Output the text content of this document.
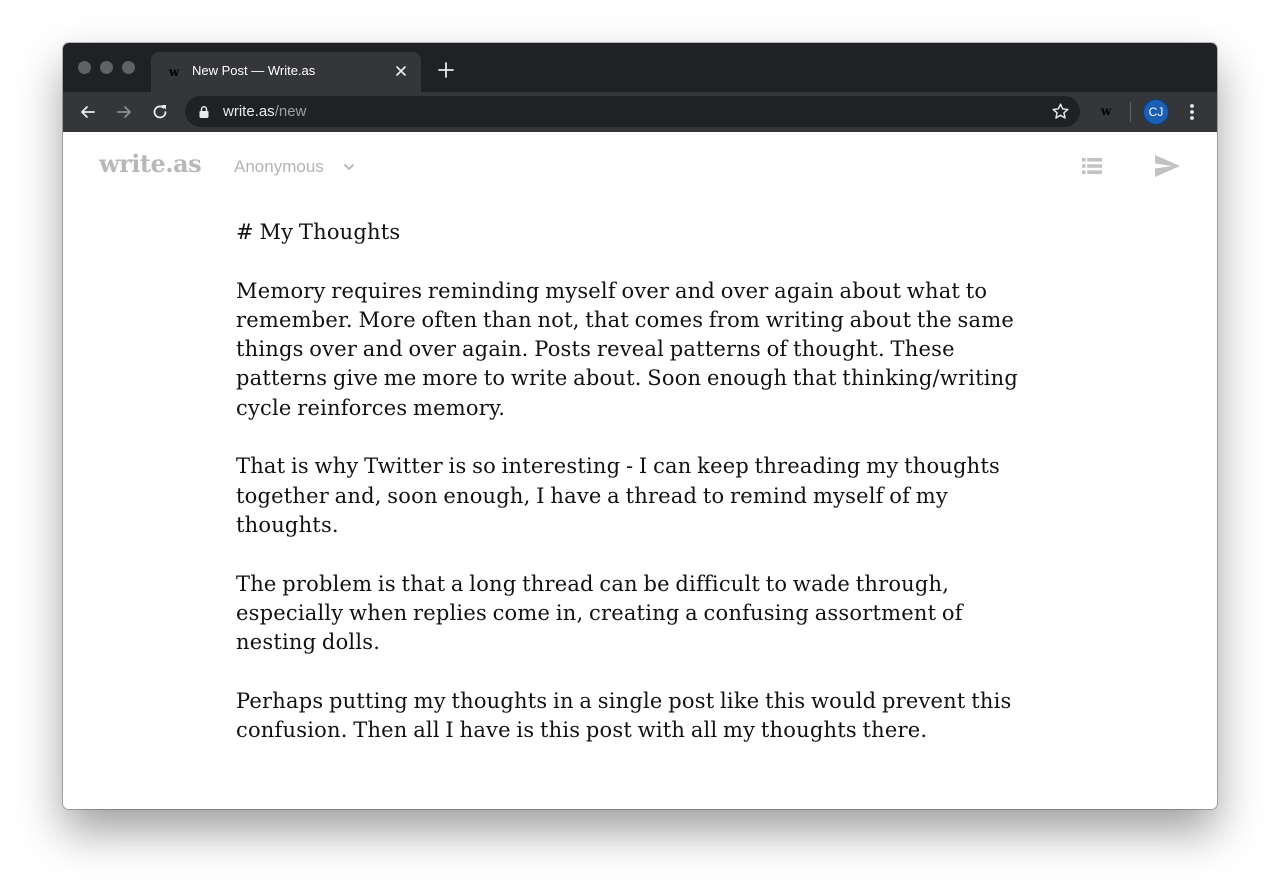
w New Post — Write.as
write.as/new	w	CJ
write.as Anonymous

# My Thoughts

Memory requires reminding myself over and over again about what to remember. More often than not, that comes from writing about the same things over and over again. Posts reveal patterns of thought. These patterns give me more to write about. Soon enough that thinking/writing cycle reinforces memory.

That is why Twitter is so interesting - I can keep threading my thoughts together and, soon enough, I have a thread to remind myself of my thoughts.

The problem is that a long thread can be difficult to wade through, especially when replies come in, creating a confusing assortment of nesting dolls.

Perhaps putting my thoughts in a single post like this would prevent this confusion. Then all I have is this post with all my thoughts there.
